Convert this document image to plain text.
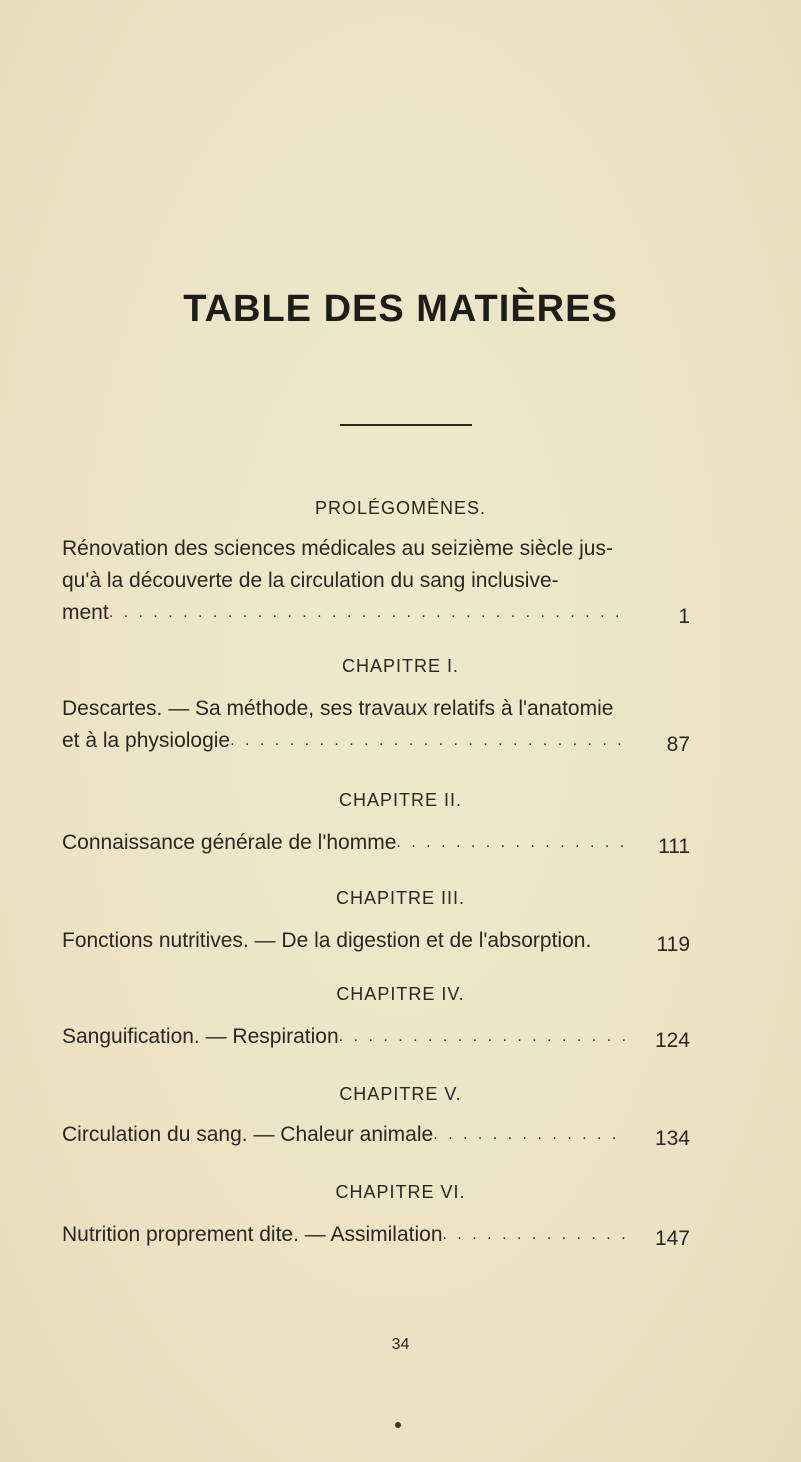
TABLE DES MATIÈRES
PROLÉGOMÈNES.
Rénovation des sciences médicales au seizième siècle jus-
qu'à la découverte de la circulation du sang inclusive-
ment . . .	1
CHAPITRE I.
Descartes. — Sa méthode, ses travaux relatifs à l'anatomie
et à la physiologie . . .	87
CHAPITRE II.
Connaissance générale de l'homme . . .	111
CHAPITRE III.
Fonctions nutritives. — De la digestion et de l'absorption.	119
CHAPITRE IV.
Sanguification. — Respiration . . .	124
CHAPITRE V.
Circulation du sang. — Chaleur animale . . .	134
CHAPITRE VI.
Nutrition proprement dite. — Assimilation . . .	147
34
